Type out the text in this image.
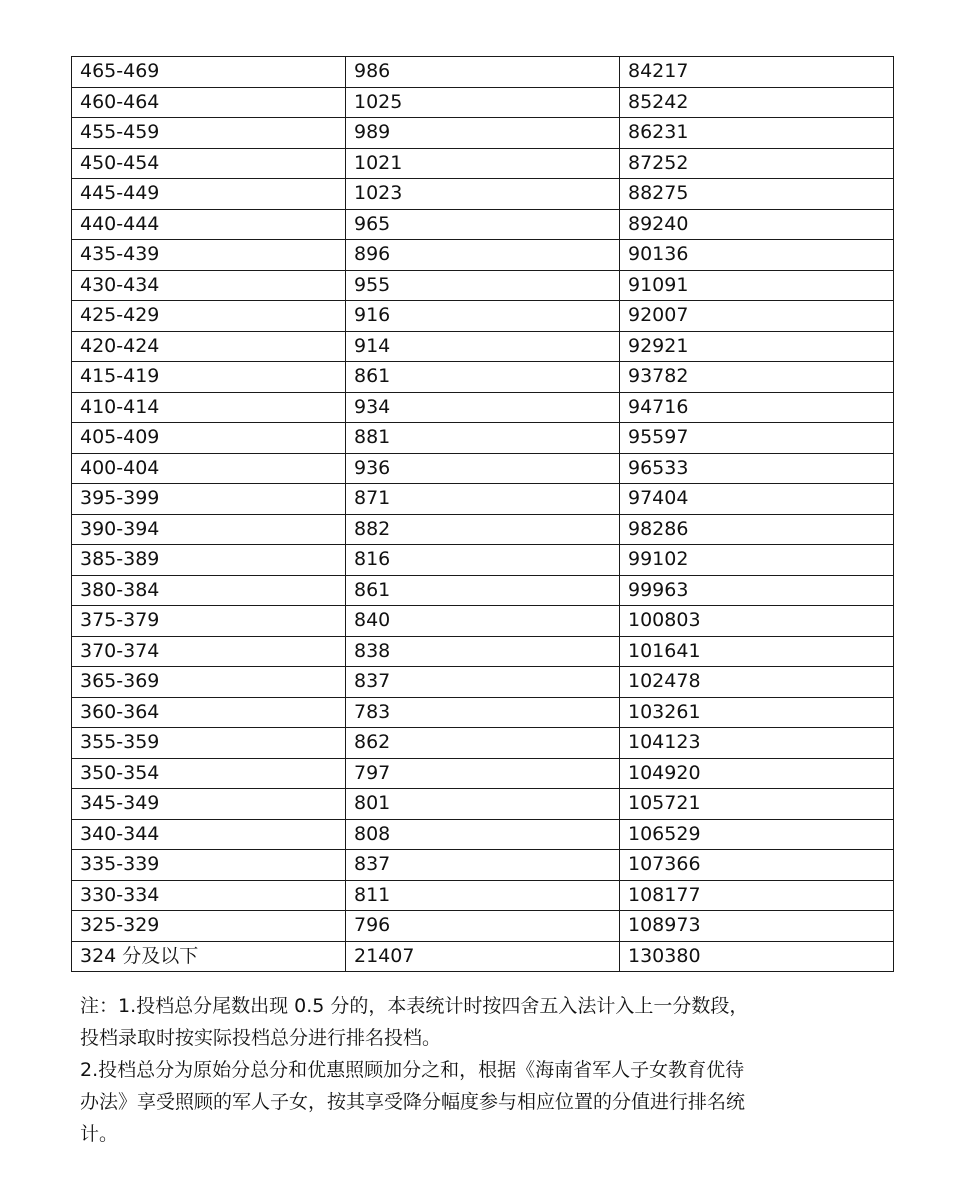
465-469	986	84217
460-464	1025	85242
455-459	989	86231
450-454	1021	87252
445-449	1023	88275
440-444	965	89240
435-439	896	90136
430-434	955	91091
425-429	916	92007
420-424	914	92921
415-419	861	93782
410-414	934	94716
405-409	881	95597
400-404	936	96533
395-399	871	97404
390-394	882	98286
385-389	816	99102
380-384	861	99963
375-379	840	100803
370-374	838	101641
365-369	837	102478
360-364	783	103261
355-359	862	104123
350-354	797	104920
345-349	801	105721
340-344	808	106529
335-339	837	107366
330-334	811	108177
325-329	796	108973
324 分及以下	21407	130380

注：1.投档总分尾数出现 0.5 分的，本表统计时按四舍五入法计入上一分数段，

投档录取时按实际投档总分进行排名投档。

2.投档总分为原始分总分和优惠照顾加分之和，根据《海南省军人子女教育优待

办法》享受照顾的军人子女，按其享受降分幅度参与相应位置的分值进行排名统

计。
